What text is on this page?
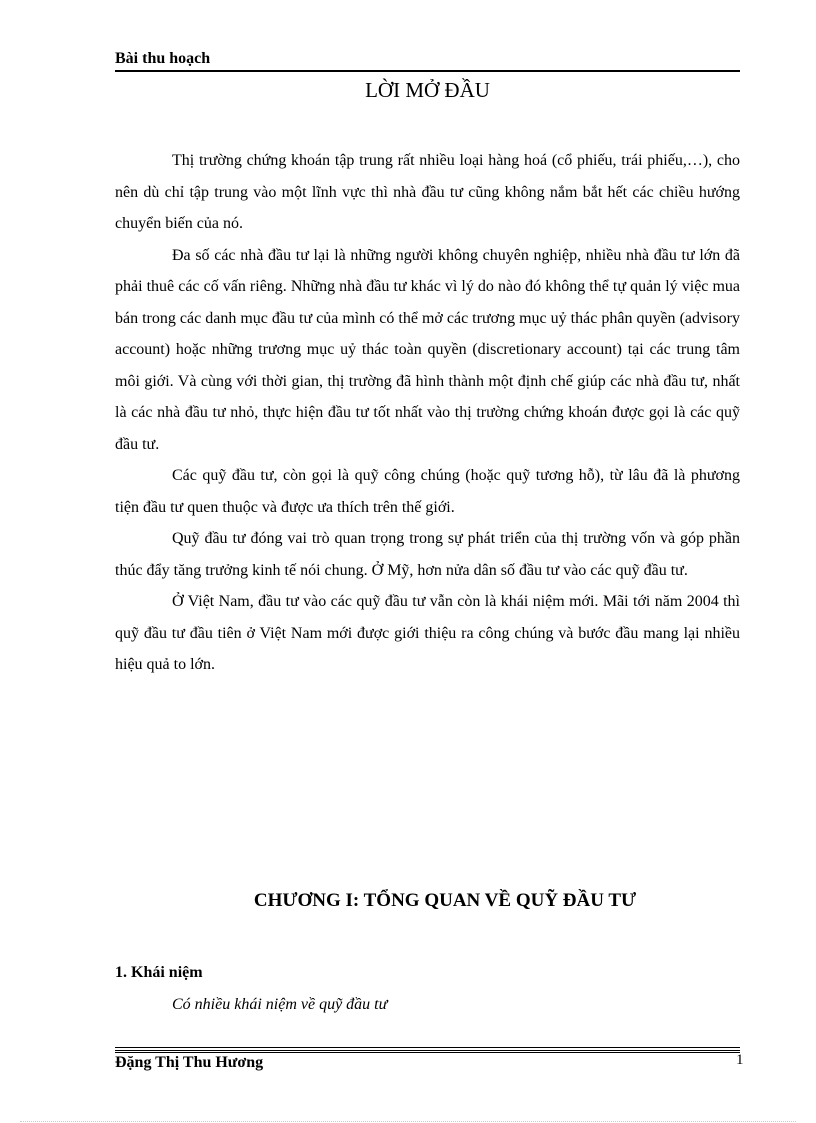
Bài thu hoạch
LỜI MỞ ĐẦU

Thị trường chứng khoán tập trung rất nhiều loại hàng hoá (cổ phiếu, trái phiếu,…), cho nên dù chỉ tập trung vào một lĩnh vực thì nhà đầu tư cũng không nắm bắt hết các chiều hướng chuyển biến của nó.

Đa số các nhà đầu tư lại là những người không chuyên nghiệp, nhiều nhà đầu tư lớn đã phải thuê các cố vấn riêng. Những nhà đầu tư khác vì lý do nào đó không thể tự quản lý việc mua bán trong các danh mục đầu tư của mình có thể mở các trương mục uỷ thác phân quyền (advisory account) hoặc những trương mục uỷ thác toàn quyền (discretionary account) tại các trung tâm môi giới. Và cùng với thời gian, thị trường đã hình thành một định chế giúp các nhà đầu tư, nhất là các nhà đầu tư nhỏ, thực hiện đầu tư tốt nhất vào thị trường chứng khoán được gọi là các quỹ đầu tư.

Các quỹ đầu tư, còn gọi là quỹ công chúng (hoặc quỹ tương hỗ), từ lâu đã là phương tiện đầu tư quen thuộc và được ưa thích trên thế giới.

Quỹ đầu tư đóng vai trò quan trọng trong sự phát triển của thị trường vốn và góp phần thúc đẩy tăng trưởng kinh tế nói chung. Ở Mỹ, hơn nửa dân số đầu tư vào các quỹ đầu tư.

Ở Việt Nam, đầu tư vào các quỹ đầu tư vẫn còn là khái niệm mới. Mãi tới năm 2004 thì quỹ đầu tư đầu tiên ở Việt Nam mới được giới thiệu ra công chúng và bước đầu mang lại nhiều hiệu quả to lớn.

CHƯƠNG I: TỔNG QUAN VỀ QUỸ ĐẦU TƯ
1. Khái niệm
Có nhiều khái niệm về quỹ đầu tư
Đặng Thị Thu Hương	1
